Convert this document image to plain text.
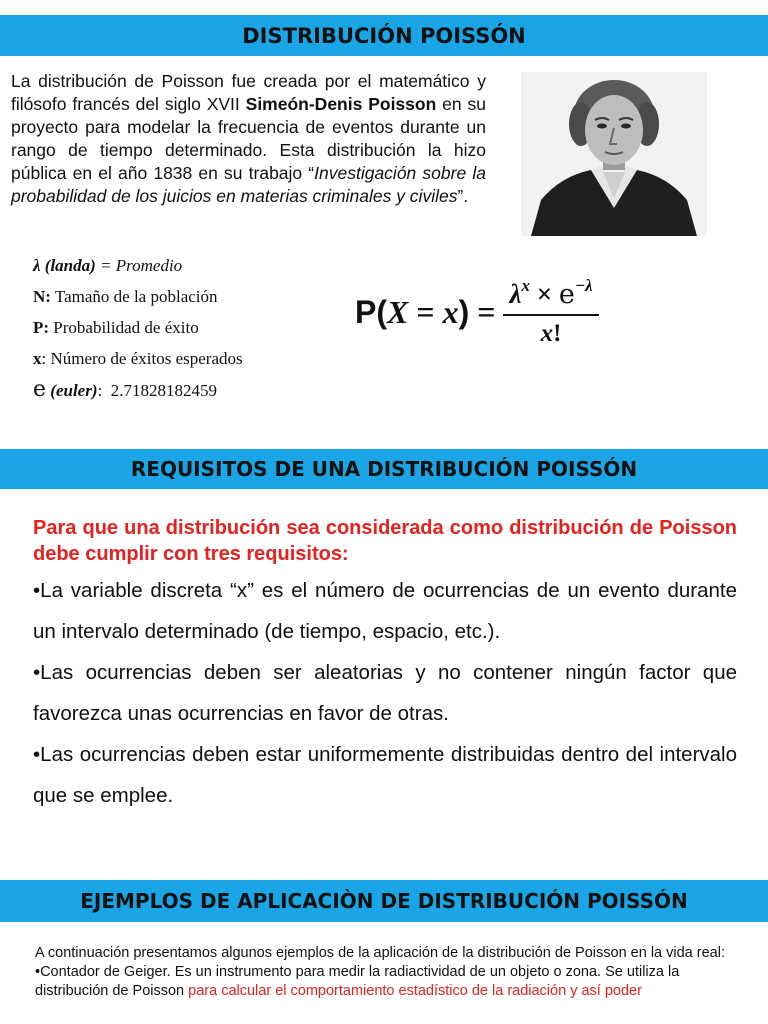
DISTRIBUCIÓN POISSÓN

La distribución de Poisson fue creada por el matemático y filósofo francés del siglo XVII Simeón-Denis Poisson en su proyecto para modelar la frecuencia de eventos durante un rango de tiempo determinado. Esta distribución la hizo pública en el año 1838 en su trabajo “Investigación sobre la probabilidad de los juicios en materias criminales y civiles”.

λ (landa) = Promedio
N: Tamaño de la población
P: Probabilidad de éxito
x: Número de éxitos esperados
e (euler): 2.71828182459
$P(X = x) = \frac{\lambda^x \times e^{-\lambda}}{x!}$
REQUISITOS DE UNA DISTRIBUCIÓN POISSÓN

Para que una distribución sea considerada como distribución de Poisson debe cumplir con tres requisitos:

•La variable discreta “x” es el número de ocurrencias de un evento durante un intervalo determinado (de tiempo, espacio, etc.).

•Las ocurrencias deben ser aleatorias y no contener ningún factor que favorezca unas ocurrencias en favor de otras.

•Las ocurrencias deben estar uniformemente distribuidas dentro del intervalo que se emplee.

EJEMPLOS DE APLICACIÒN DE DISTRIBUCIÓN POISSÓN
A continuación presentamos algunos ejemplos de la aplicación de la distribución de Poisson en la vida real:
•Contador de Geiger. Es un instrumento para medir la radiactividad de un objeto o zona. Se utiliza la distribución de Poisson para calcular el comportamiento estadístico de la radiación y así poder
